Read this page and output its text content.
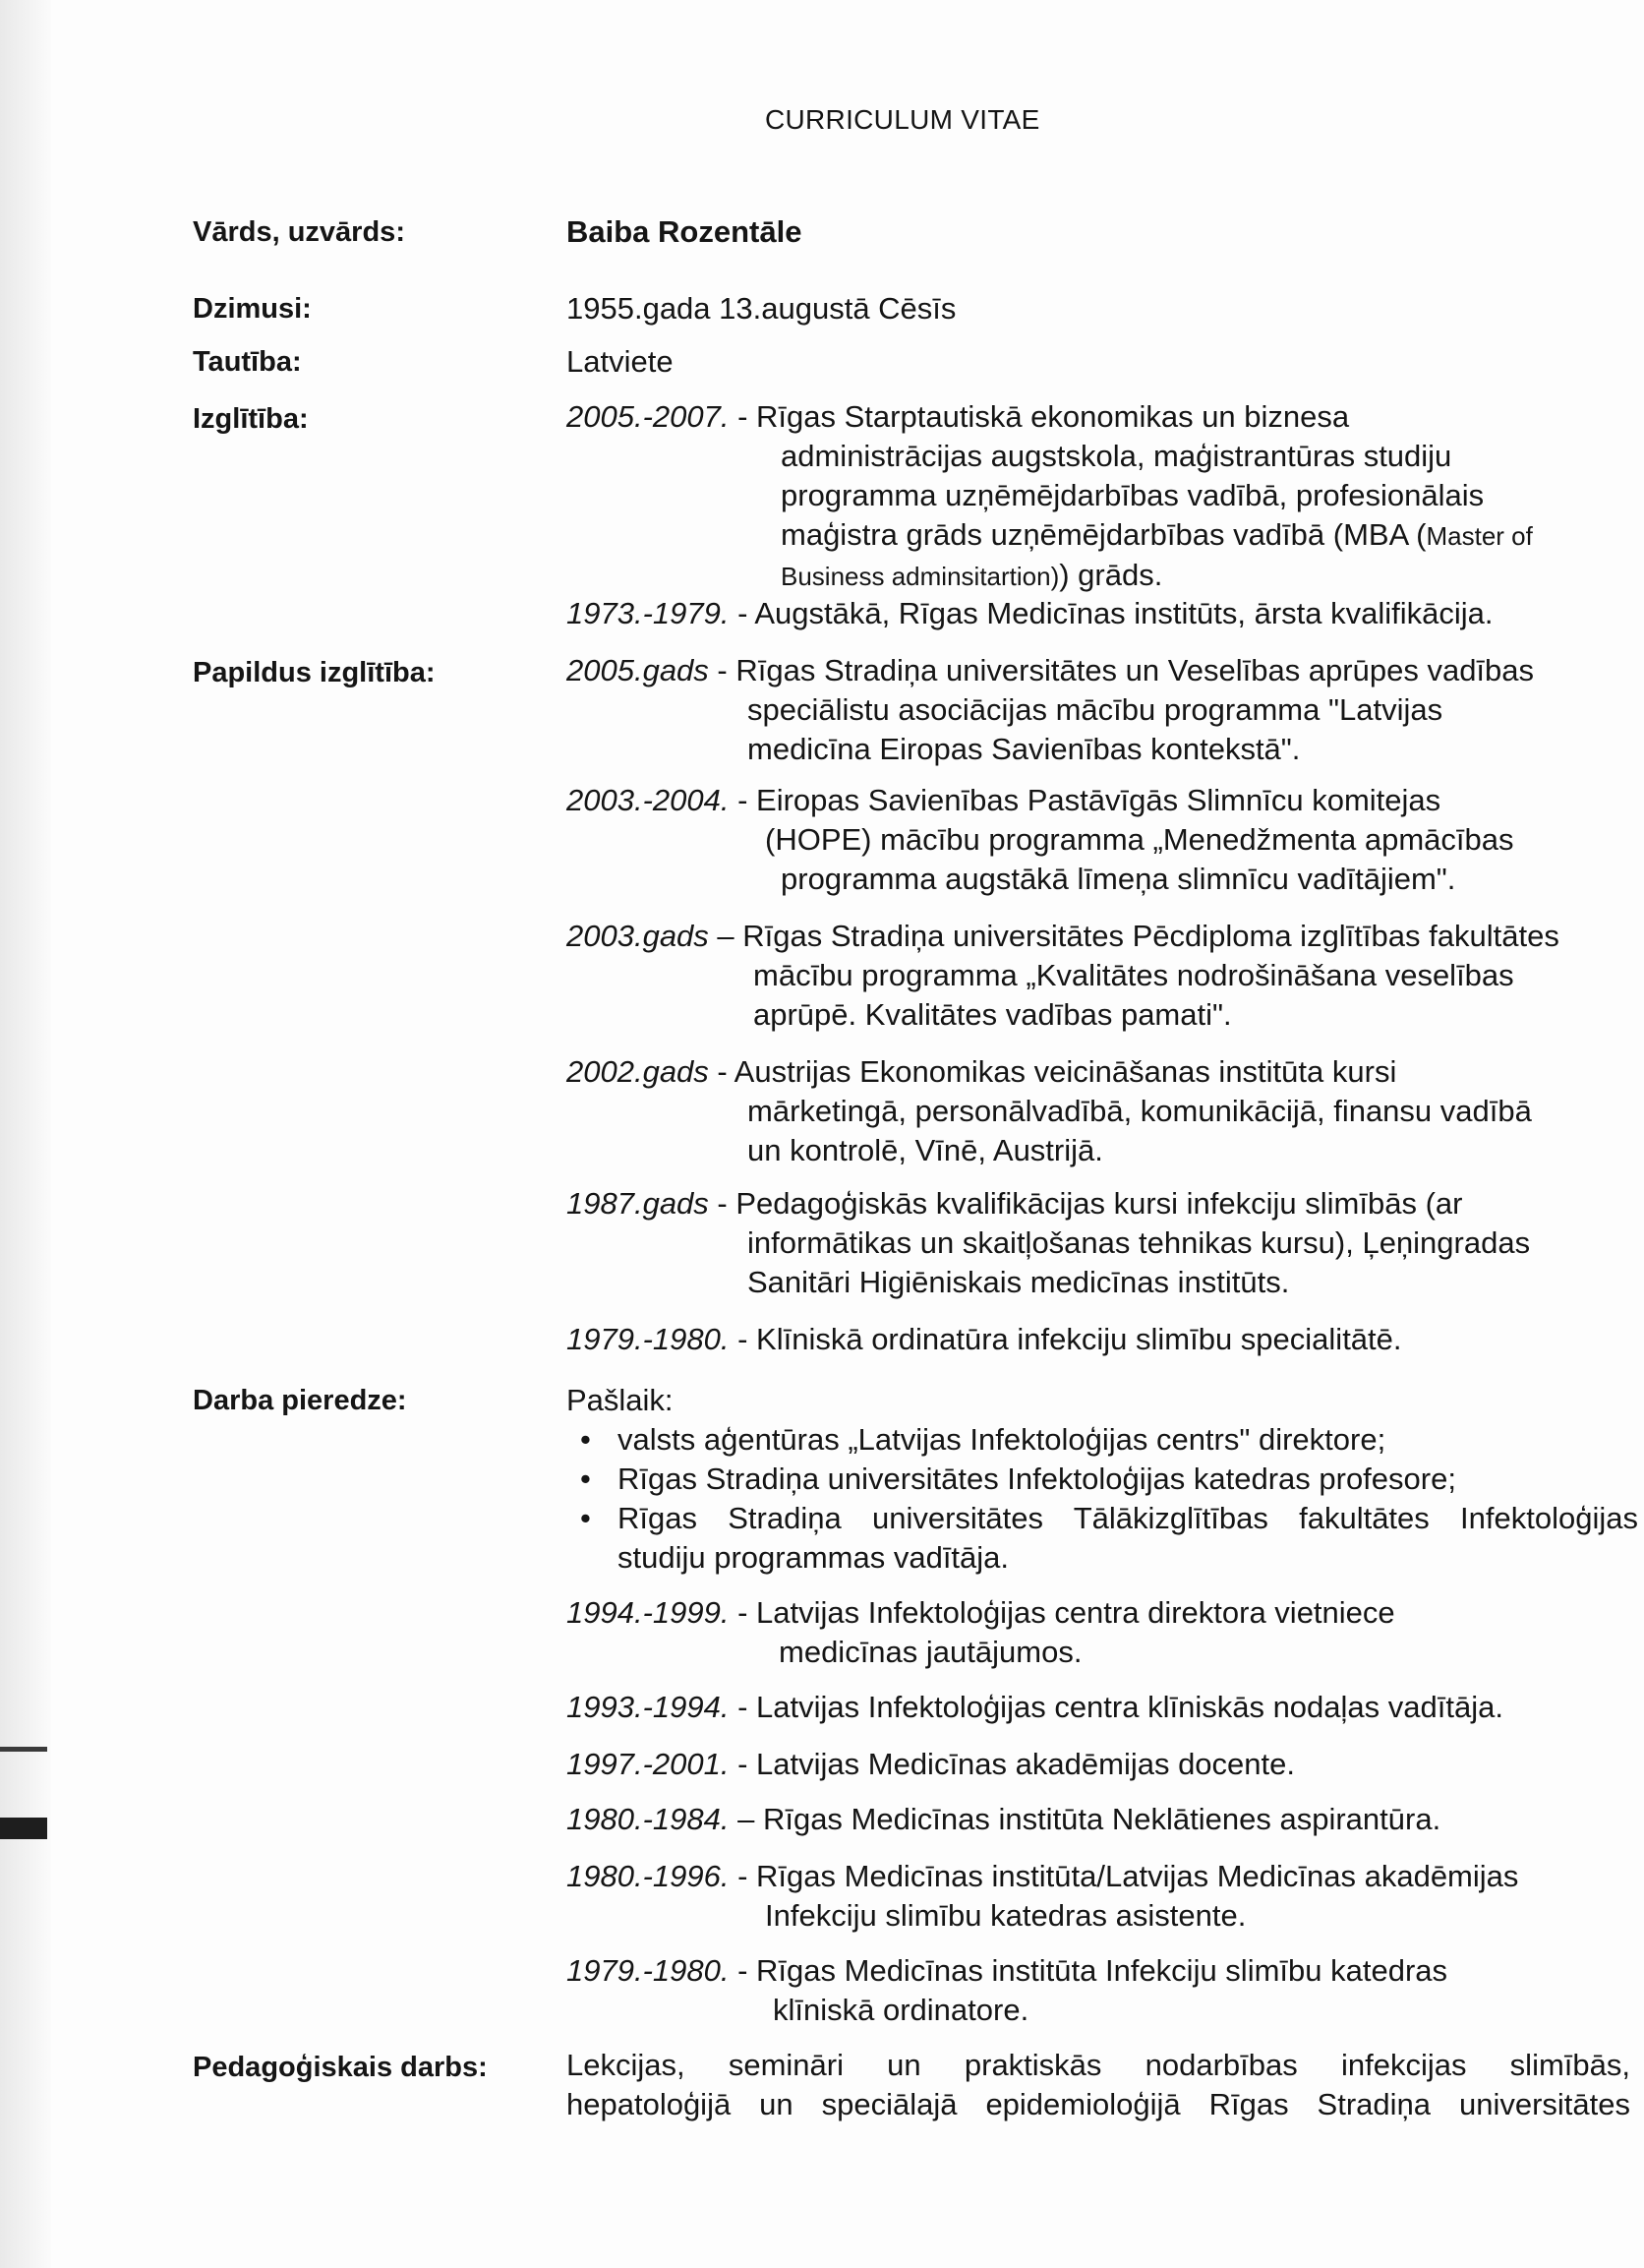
CURRICULUM VITAE
Vārds, uzvārds:	Baiba Rozentāle
Dzimusi:	1955.gada 13.augustā Cēsīs
Tautība:	Latviete
Izglītība:	2005.-2007. - Rīgas Starptautiskā ekonomikas un biznesa
administrācijas augstskola, maģistrantūras studiju
programma uzņēmējdarbības vadībā, profesionālais
maģistra grāds uzņēmējdarbības vadībā (MBA (Master of
Business adminsitartion)) grāds.
1973.-1979. - Augstākā, Rīgas Medicīnas institūts, ārsta kvalifikācija.
Papildus izglītība:	2005.gads - Rīgas Stradiņa universitātes un Veselības aprūpes vadības
speciālistu asociācijas mācību programma "Latvijas
medicīna Eiropas Savienības kontekstā".
2003.-2004. - Eiropas Savienības Pastāvīgās Slimnīcu komitejas
(HOPE) mācību programma „Menedžmenta apmācības
programma augstākā līmeņa slimnīcu vadītājiem".
2003.gads – Rīgas Stradiņa universitātes Pēcdiploma izglītības fakultātes
mācību programma „Kvalitātes nodrošināšana veselības
aprūpē. Kvalitātes vadības pamati".
2002.gads - Austrijas Ekonomikas veicināšanas institūta kursi
mārketingā, personālvadībā, komunikācijā, finansu vadībā
un kontrolē, Vīnē, Austrijā.
1987.gads - Pedagoģiskās kvalifikācijas kursi infekciju slimībās (ar
informātikas un skaitļošanas tehnikas kursu), Ļeņingradas
Sanitāri Higiēniskais medicīnas institūts.
1979.-1980. - Klīniskā ordinatūra infekciju slimību specialitātē.
Darba pieredze:	Pašlaik:
• valsts aģentūras „Latvijas Infektoloģijas centrs" direktore;
• Rīgas Stradiņa universitātes Infektoloģijas katedras profesore;
• Rīgas Stradiņa universitātes Tālākizglītības fakultātes Infektoloģijas
studiju programmas vadītāja.
1994.-1999. - Latvijas Infektoloģijas centra direktora vietniece
medicīnas jautājumos.
1993.-1994. - Latvijas Infektoloģijas centra klīniskās nodaļas vadītāja.
1997.-2001. - Latvijas Medicīnas akadēmijas docente.
1980.-1984. – Rīgas Medicīnas institūta Neklātienes aspirantūra.
1980.-1996. - Rīgas Medicīnas institūta/Latvijas Medicīnas akadēmijas
Infekciju slimību katedras asistente.
1979.-1980. - Rīgas Medicīnas institūta Infekciju slimību katedras
klīniskā ordinatore.
Pedagoģiskais darbs:	Lekcijas, semināri un praktiskās nodarbības infekcijas slimībās,
hepatoloģijā un speciālajā epidemioloģijā Rīgas Stradiņa universitātes
